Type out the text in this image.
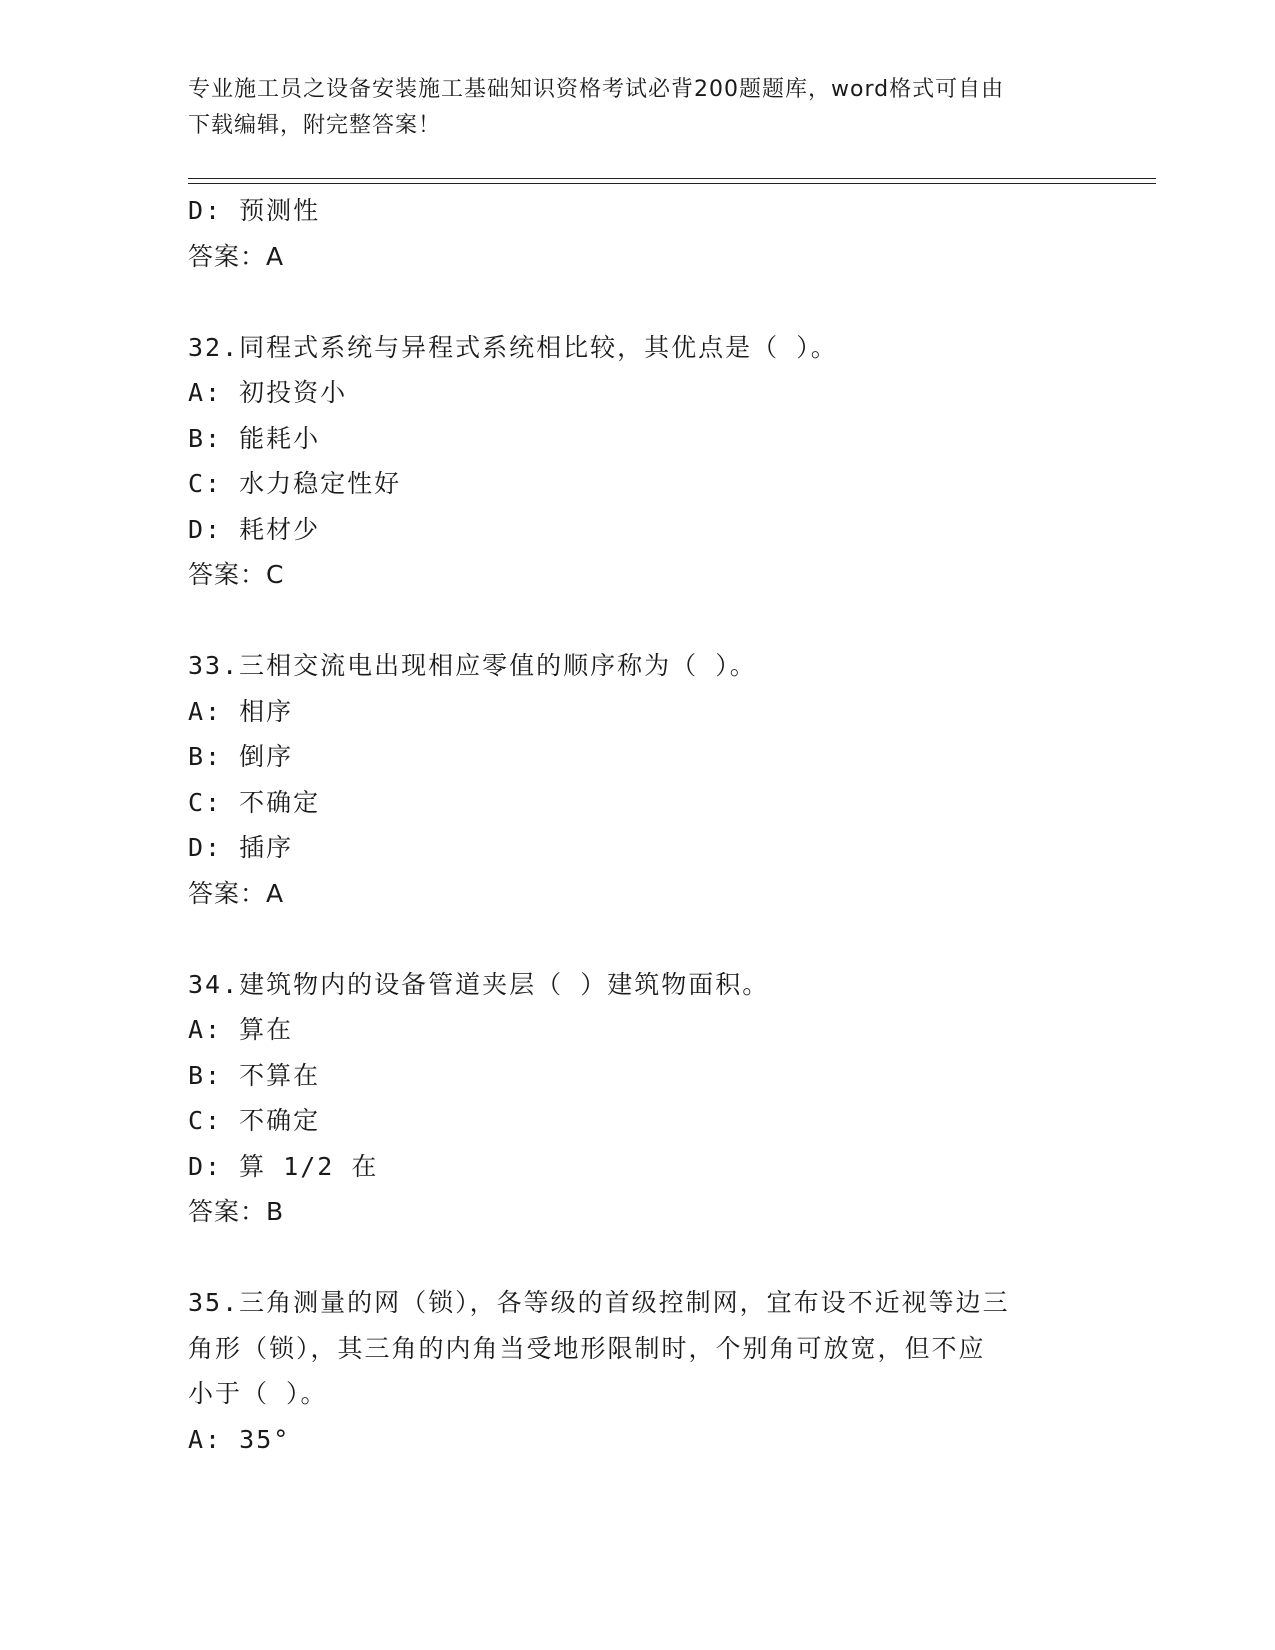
专业施工员之设备安装施工基础知识资格考试必背200题题库，word格式可自由
下载编辑，附完整答案！
D: 预测性
答案：A
32.同程式系统与异程式系统相比较，其优点是（ ）。
A: 初投资小
B: 能耗小
C: 水力稳定性好
D: 耗材少
答案：C
33.三相交流电出现相应零值的顺序称为（ ）。
A: 相序
B: 倒序
C: 不确定
D: 插序
答案：A
34.建筑物内的设备管道夹层（ ）建筑物面积。
A: 算在
B: 不算在
C: 不确定
D: 算 1/2 在
答案：B
35.三角测量的网（锁），各等级的首级控制网，宜布设不近视等边三
角形（锁），其三角的内角当受地形限制时，个别角可放宽，但不应
小于（ ）。
A: 35°
